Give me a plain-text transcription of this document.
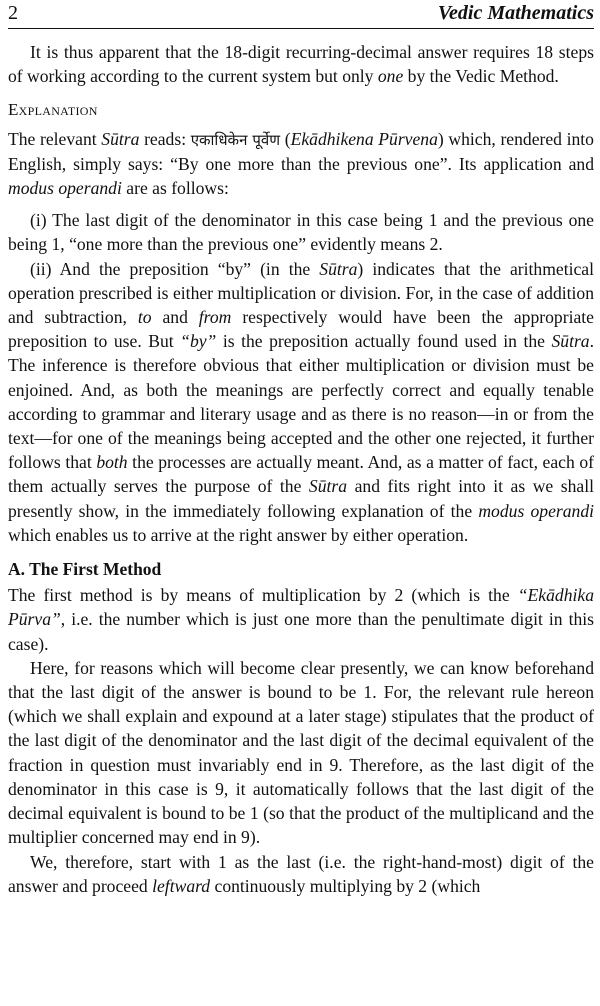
2	Vedic Mathematics

It is thus apparent that the 18-digit recurring-decimal answer requires 18 steps of working according to the current system but only one by the Vedic Method.

Explanation

The relevant Sūtra reads: एकाधिकेन पूर्वेण (Ekādhikena Pūrvena) which, rendered into English, simply says: “By one more than the previous one”. Its application and modus operandi are as follows:

(i) The last digit of the denominator in this case being 1 and the previous one being 1, “one more than the previous one” evidently means 2.

(ii) And the preposition “by” (in the Sūtra) indicates that the arithmetical operation prescribed is either multiplication or division. For, in the case of addition and subtraction, to and from respectively would have been the appropriate preposition to use. But “by” is the preposition actually found used in the Sūtra. The inference is therefore obvious that either multiplication or division must be enjoined. And, as both the meanings are perfectly correct and equally tenable according to grammar and literary usage and as there is no reason—in or from the text—for one of the meanings being accepted and the other one rejected, it further follows that both the processes are actually meant. And, as a matter of fact, each of them actually serves the purpose of the Sūtra and fits right into it as we shall presently show, in the immediately following explanation of the modus operandi which enables us to arrive at the right answer by either operation.

A. The First Method

The first method is by means of multiplication by 2 (which is the “Ekādhika Pūrva”, i.e. the number which is just one more than the penultimate digit in this case).

Here, for reasons which will become clear presently, we can know beforehand that the last digit of the answer is bound to be 1. For, the relevant rule hereon (which we shall explain and expound at a later stage) stipulates that the product of the last digit of the denominator and the last digit of the decimal equivalent of the fraction in question must invariably end in 9. Therefore, as the last digit of the denominator in this case is 9, it automatically follows that the last digit of the decimal equivalent is bound to be 1 (so that the product of the multiplicand and the multiplier concerned may end in 9).

We, therefore, start with 1 as the last (i.e. the right-hand-most) digit of the answer and proceed leftward continuously multiplying by 2 (which
